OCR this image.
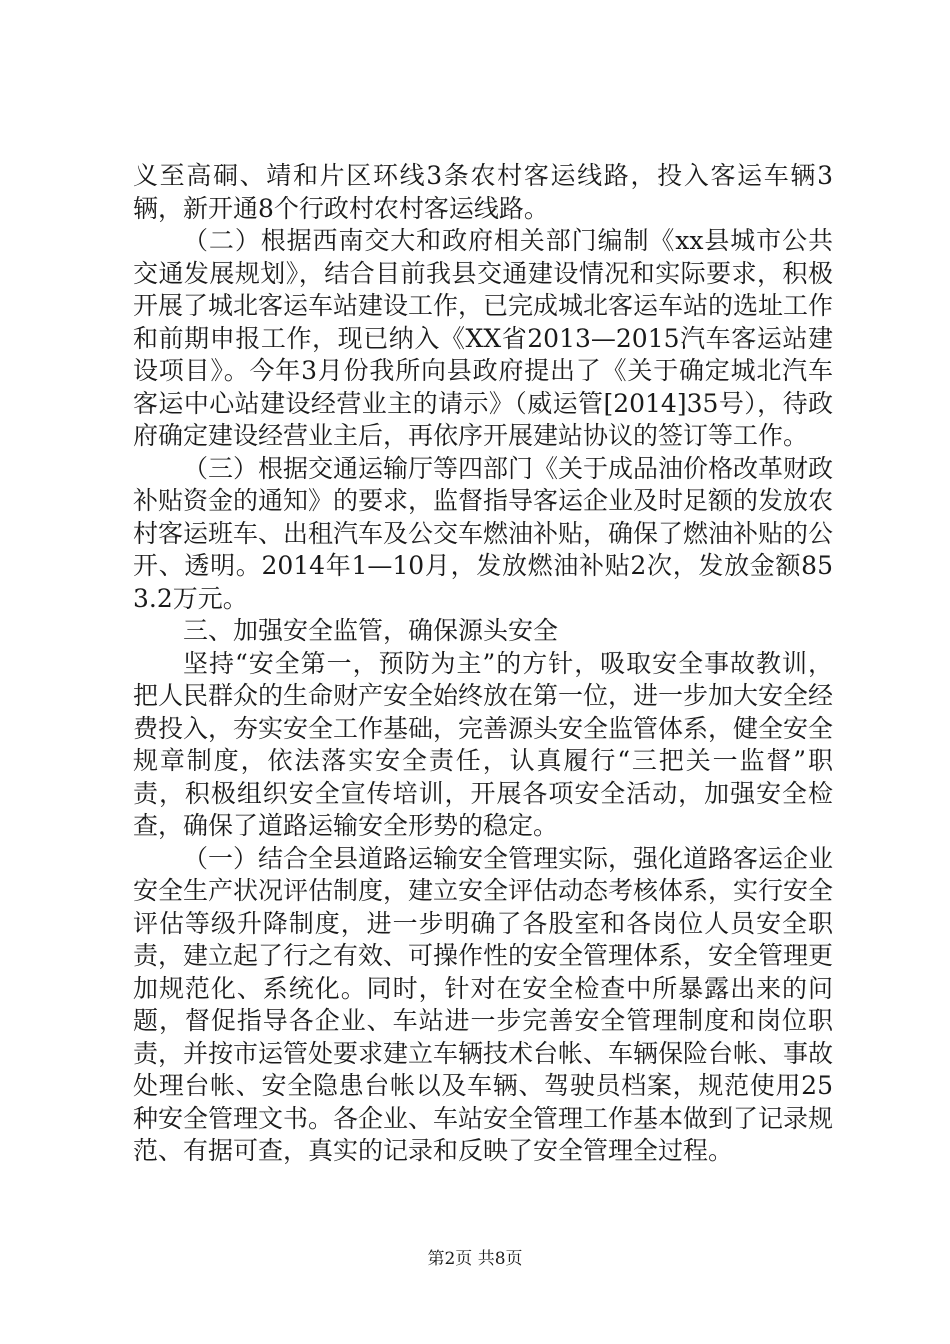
义至高硐、靖和片区环线3条农村客运线路，投入客运车辆3辆，新开通8个行政村农村客运线路。

（二）根据西南交大和政府相关部门编制《xx县城市公共交通发展规划》，结合目前我县交通建设情况和实际要求，积极开展了城北客运车站建设工作，已完成城北客运车站的选址工作和前期申报工作，现已纳入《XX省2013—2015汽车客运站建设项目》。今年3月份我所向县政府提出了《关于确定城北汽车客运中心站建设经营业主的请示》（威运管[2014]35号），待政府确定建设经营业主后，再依序开展建站协议的签订等工作。

（三）根据交通运输厅等四部门《关于成品油价格改革财政补贴资金的通知》的要求，监督指导客运企业及时足额的发放农村客运班车、出租汽车及公交车燃油补贴，确保了燃油补贴的公开、透明。2014年1—10月，发放燃油补贴2次，发放金额853.2万元。

三、加强安全监管，确保源头安全

坚持“安全第一，预防为主”的方针，吸取安全事故教训，把人民群众的生命财产安全始终放在第一位，进一步加大安全经费投入，夯实安全工作基础，完善源头安全监管体系，健全安全规章制度，依法落实安全责任，认真履行“三把关一监督”职责，积极组织安全宣传培训，开展各项安全活动，加强安全检查，确保了道路运输安全形势的稳定。

（一）结合全县道路运输安全管理实际，强化道路客运企业安全生产状况评估制度，建立安全评估动态考核体系，实行安全评估等级升降制度，进一步明确了各股室和各岗位人员安全职责，建立起了行之有效、可操作性的安全管理体系，安全管理更加规范化、系统化。同时，针对在安全检查中所暴露出来的问题，督促指导各企业、车站进一步完善安全管理制度和岗位职责，并按市运管处要求建立车辆技术台帐、车辆保险台帐、事故处理台帐、安全隐患台帐以及车辆、驾驶员档案，规范使用25种安全管理文书。各企业、车站安全管理工作基本做到了记录规范、有据可查，真实的记录和反映了安全管理全过程。

第2页 共8页
